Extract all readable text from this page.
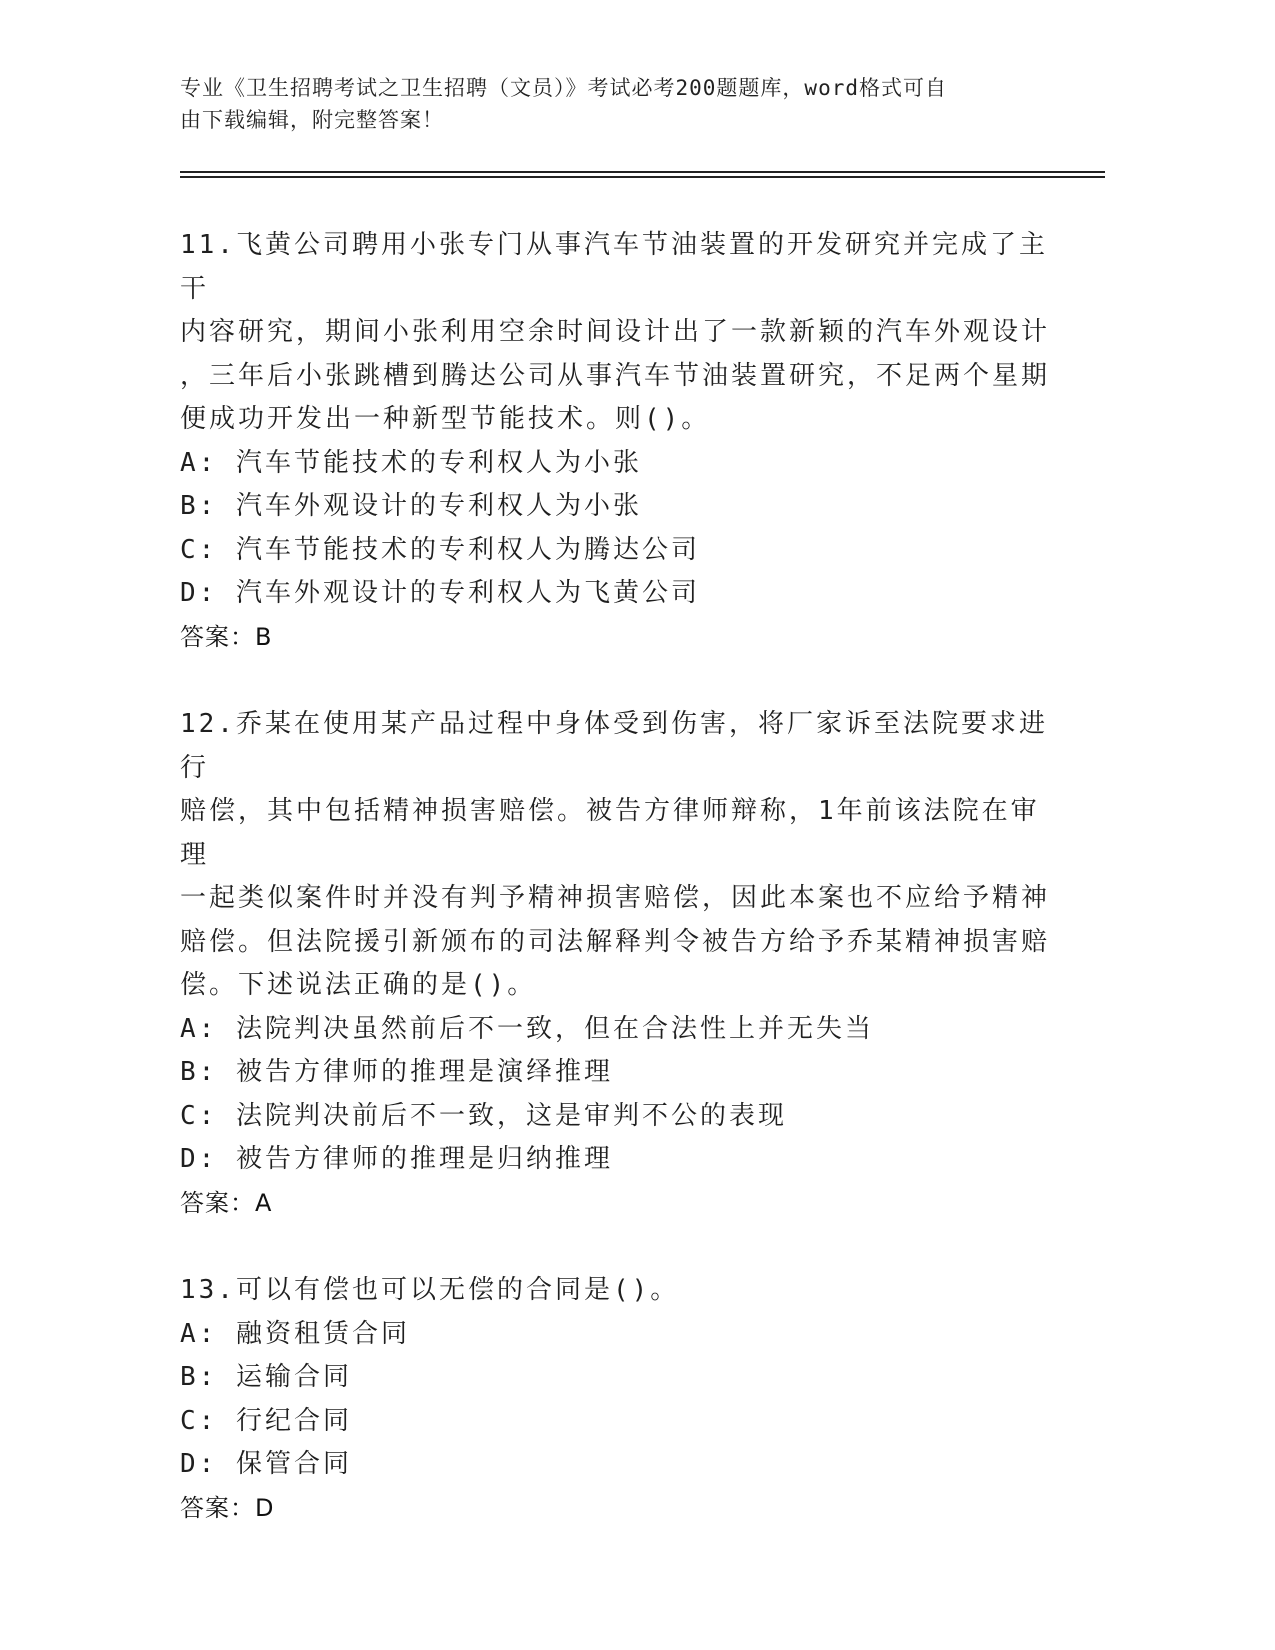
专业《卫生招聘考试之卫生招聘（文员）》考试必考200题题库，word格式可自
由下载编辑，附完整答案！

11.飞黄公司聘用小张专门从事汽车节油装置的开发研究并完成了主干

内容研究，期间小张利用空余时间设计出了一款新颖的汽车外观设计

，三年后小张跳槽到腾达公司从事汽车节油装置研究，不足两个星期

便成功开发出一种新型节能技术。则()。

A: 汽车节能技术的专利权人为小张

B: 汽车外观设计的专利权人为小张

C: 汽车节能技术的专利权人为腾达公司

D: 汽车外观设计的专利权人为飞黄公司

答案：B

12.乔某在使用某产品过程中身体受到伤害，将厂家诉至法院要求进行

赔偿，其中包括精神损害赔偿。被告方律师辩称，1年前该法院在审理

一起类似案件时并没有判予精神损害赔偿，因此本案也不应给予精神

赔偿。但法院援引新颁布的司法解释判令被告方给予乔某精神损害赔

偿。下述说法正确的是()。

A: 法院判决虽然前后不一致，但在合法性上并无失当

B: 被告方律师的推理是演绎推理

C: 法院判决前后不一致，这是审判不公的表现

D: 被告方律师的推理是归纳推理

答案：A

13.可以有偿也可以无偿的合同是()。

A: 融资租赁合同

B: 运输合同

C: 行纪合同

D: 保管合同

答案：D
